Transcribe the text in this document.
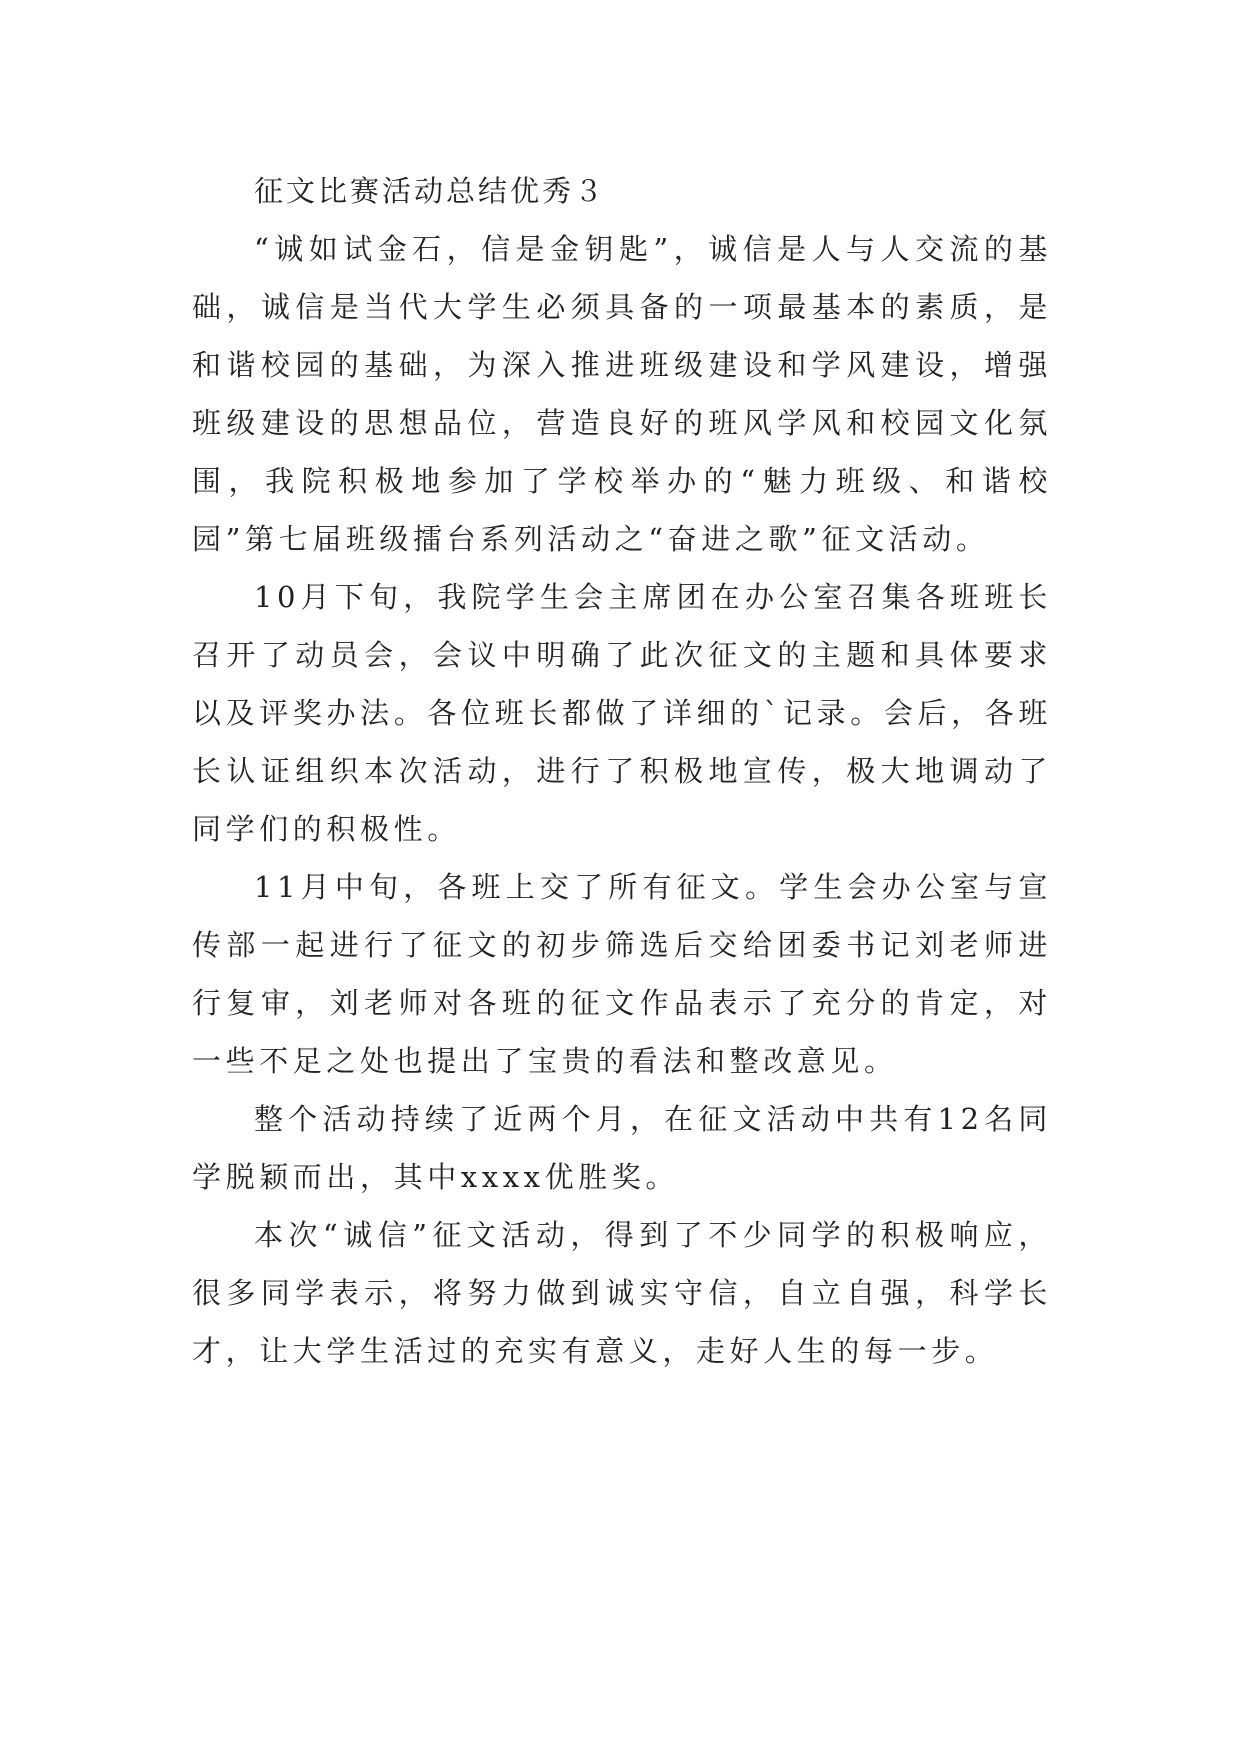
征文比赛活动总结优秀３

“诚如试金石，信是金钥匙”，诚信是人与人交流的基础，诚信是当代大学生必须具备的一项最基本的素质，是和谐校园的基础，为深入推进班级建设和学风建设，增强班级建设的思想品位，营造良好的班风学风和校园文化氛围，我院积极地参加了学校举办的“魅力班级、和谐校园”第七届班级擂台系列活动之“奋进之歌”征文活动。

10月下旬，我院学生会主席团在办公室召集各班班长召开了动员会，会议中明确了此次征文的主题和具体要求以及评奖办法。各位班长都做了详细的`记录。会后，各班长认证组织本次活动，进行了积极地宣传，极大地调动了同学们的积极性。

11月中旬，各班上交了所有征文。学生会办公室与宣传部一起进行了征文的初步筛选后交给团委书记刘老师进行复审，刘老师对各班的征文作品表示了充分的肯定，对一些不足之处也提出了宝贵的看法和整改意见。

整个活动持续了近两个月，在征文活动中共有12名同学脱颖而出，其中xxxx优胜奖。

本次“诚信”征文活动，得到了不少同学的积极响应，很多同学表示，将努力做到诚实守信，自立自强，科学长才，让大学生活过的充实有意义，走好人生的每一步。
